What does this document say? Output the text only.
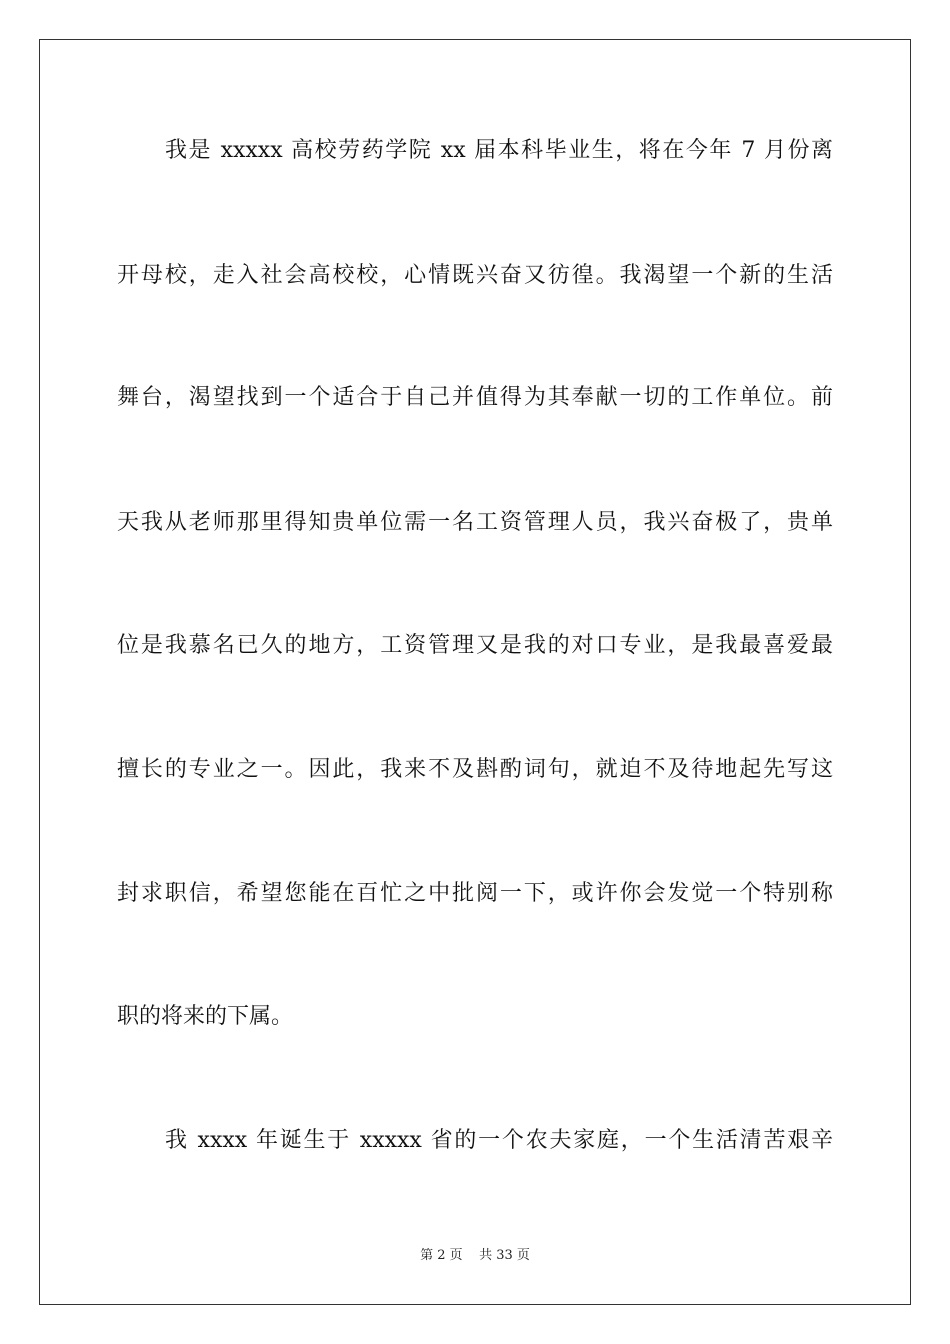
我是 xxxxx 高校劳药学院 xx 届本科毕业生，将在今年 7 月份离
开母校，走入社会高校校，心情既兴奋又彷徨。我渴望一个新的生活
舞台，渴望找到一个适合于自己并值得为其奉献一切的工作单位。前
天我从老师那里得知贵单位需一名工资管理人员，我兴奋极了，贵单
位是我慕名已久的地方，工资管理又是我的对口专业，是我最喜爱最
擅长的专业之一。因此，我来不及斟酌词句，就迫不及待地起先写这
封求职信，希望您能在百忙之中批阅一下，或许你会发觉一个特别称
职的将来的下属。
我 xxxx 年诞生于 xxxxx 省的一个农夫家庭，一个生活清苦艰辛
第 2 页    共 33 页
